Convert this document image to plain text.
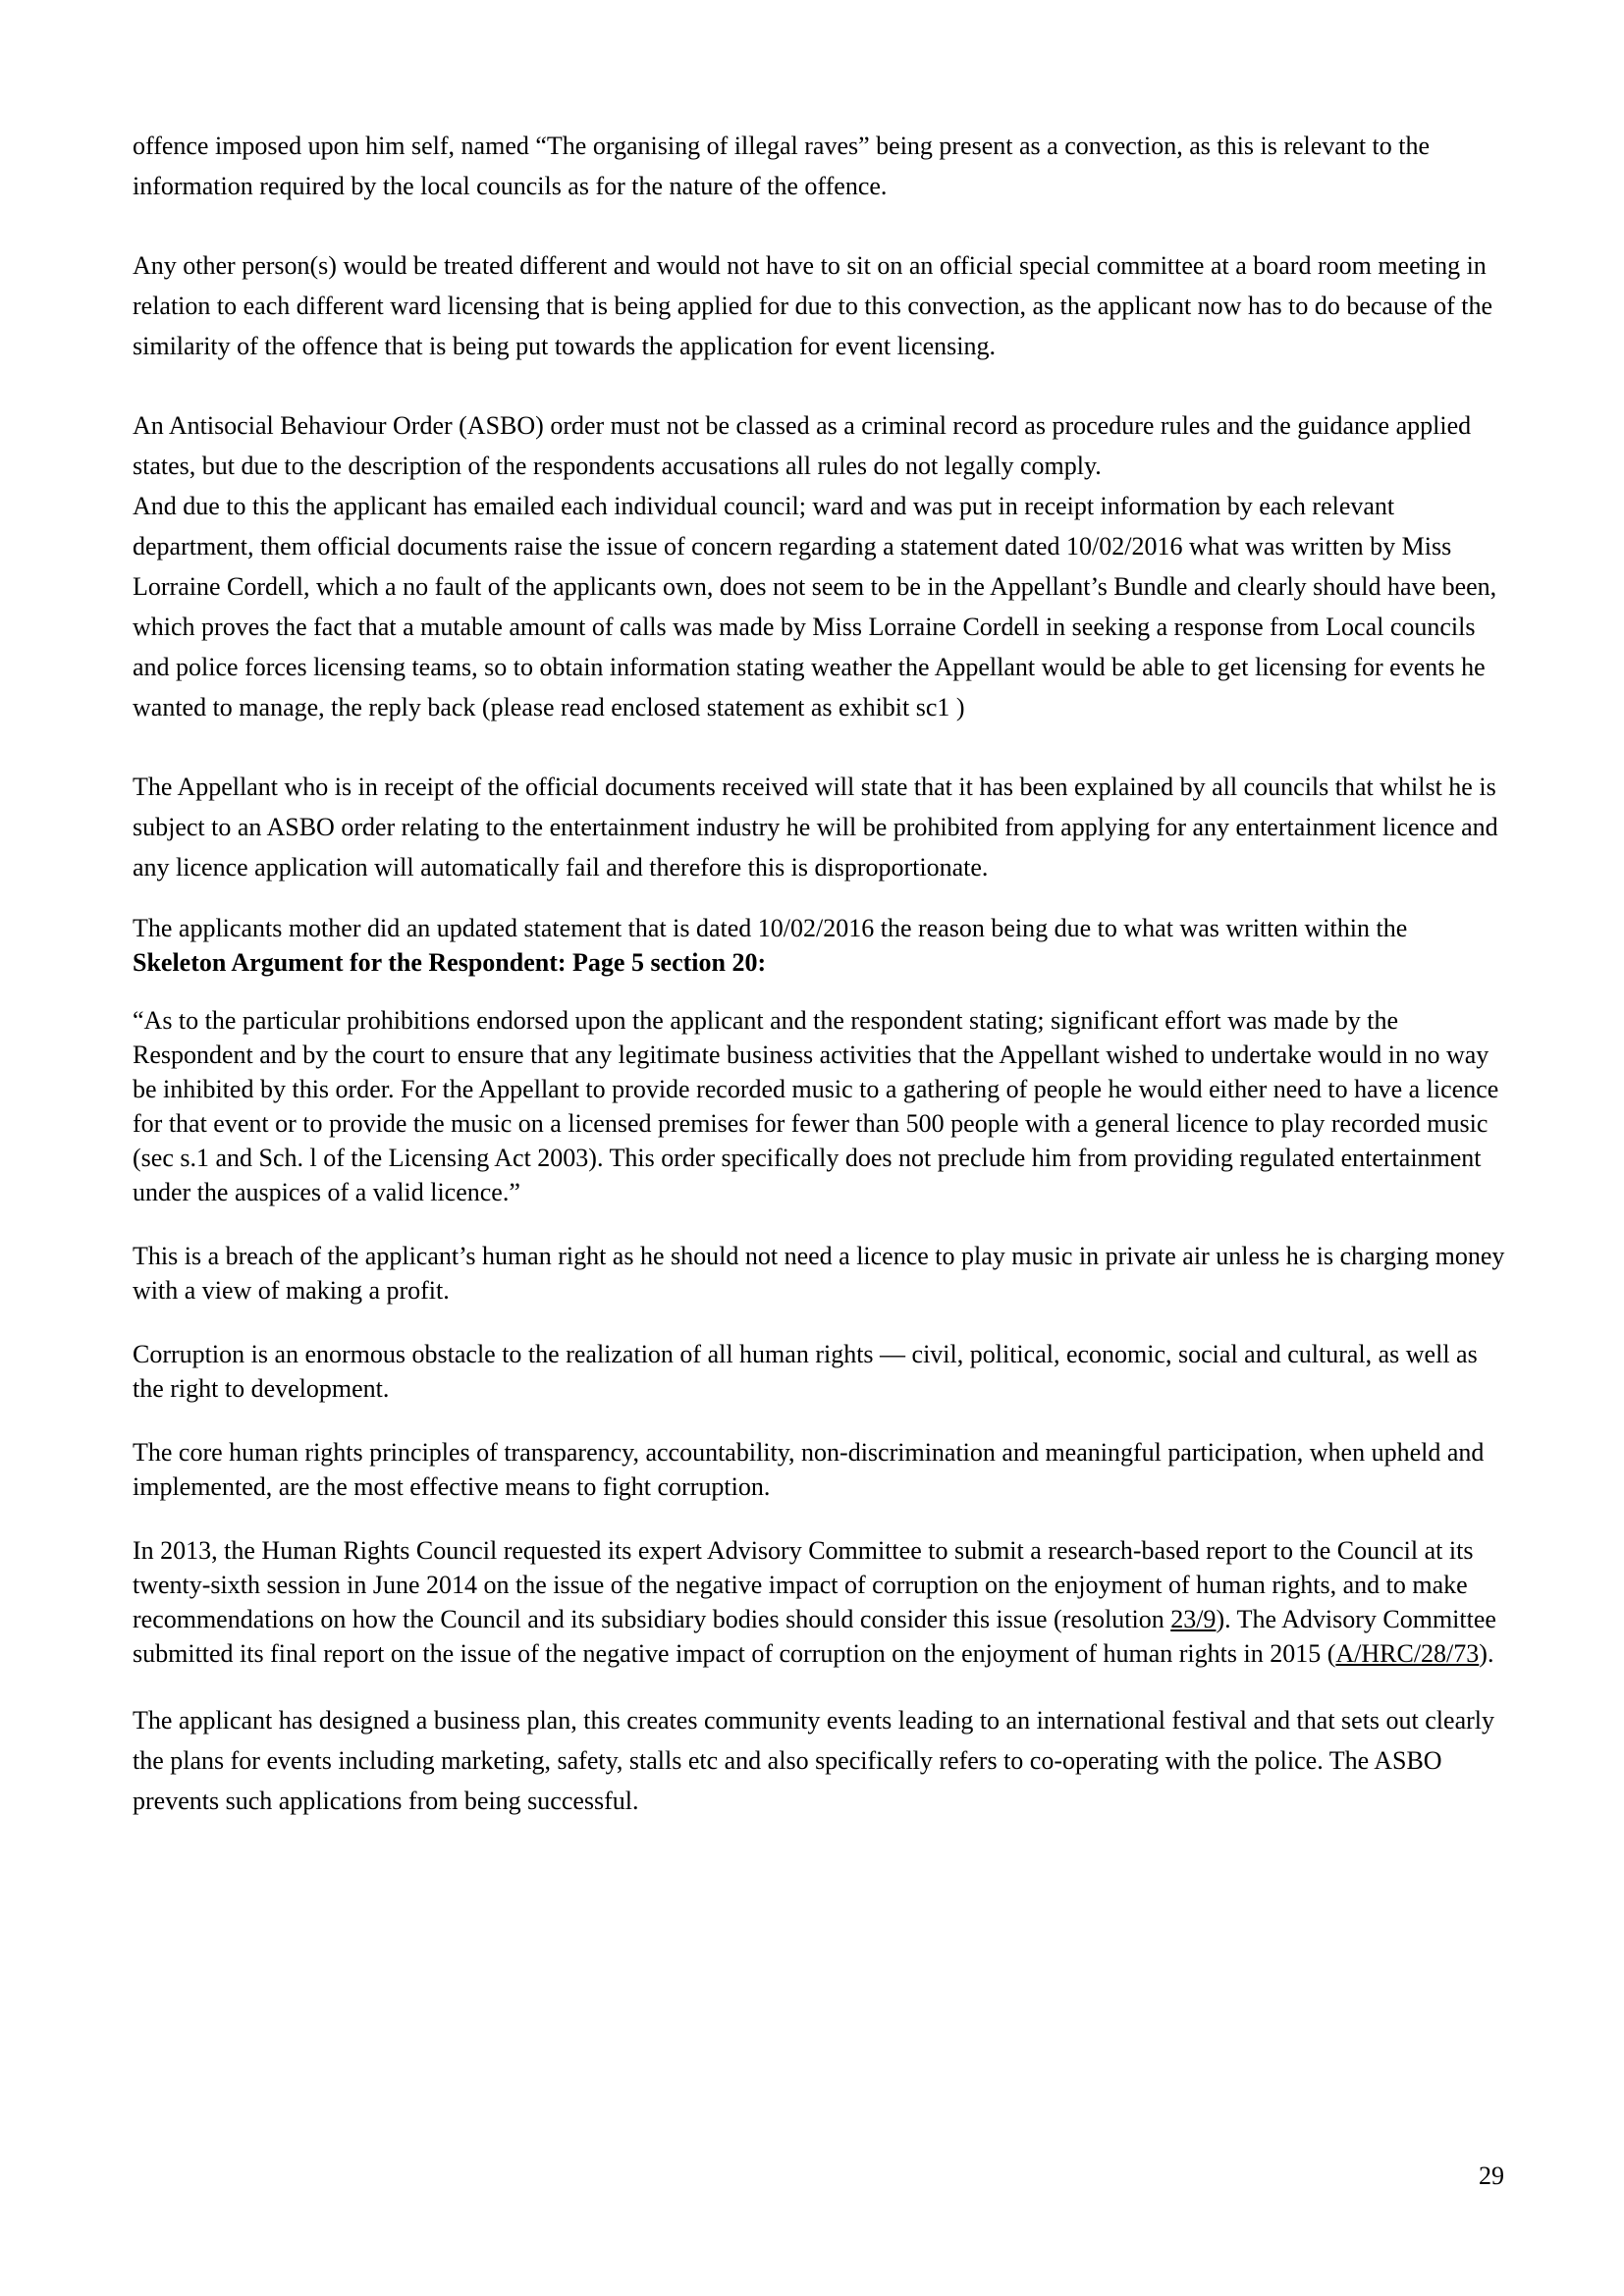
offence imposed upon him self, named “The organising of illegal raves” being present as a convection, as this is relevant to the information required by the local councils as for the nature of the offence.

Any other person(s) would be treated different and would not have to sit on an official special committee at a board room meeting in relation to each different ward licensing that is being applied for due to this convection, as the applicant now has to do because of the similarity of the offence that is being put towards the application for event licensing.

An Antisocial Behaviour Order (ASBO) order must not be classed as a criminal record as procedure rules and the guidance applied states, but due to the description of the respondents accusations all rules do not legally comply.

And due to this the applicant has emailed each individual council; ward and was put in receipt information by each relevant department, them official documents raise the issue of concern regarding a statement dated 10/02/2016 what was written by Miss Lorraine Cordell, which a no fault of the applicants own, does not seem to be in the Appellant’s Bundle and clearly should have been, which proves the fact that a mutable amount of calls was made by Miss Lorraine Cordell in seeking a response from Local councils and police forces licensing teams, so to obtain information stating weather the Appellant would be able to get licensing for events he wanted to manage, the reply back (please read enclosed statement as exhibit sc1 )

The Appellant who is in receipt of the official documents received will state that it has been explained by all councils that whilst he is subject to an ASBO order relating to the entertainment industry he will be prohibited from applying for any entertainment licence and any licence application will automatically fail and therefore this is disproportionate.

The applicants mother did an updated statement that is dated 10/02/2016 the reason being due to what was written within the Skeleton Argument for the Respondent: Page 5 section 20:

“As to the particular prohibitions endorsed upon the applicant and the respondent stating; significant effort was made by the Respondent and by the court to ensure that any legitimate business activities that the Appellant wished to undertake would in no way be inhibited by this order. For the Appellant to provide recorded music to a gathering of people he would either need to have a licence for that event or to provide the music on a licensed premises for fewer than 500 people with a general licence to play recorded music (sec s.1 and Sch. l of the Licensing Act 2003). This order specifically does not preclude him from providing regulated entertainment under the auspices of a valid licence.”

This is a breach of the applicant’s human right as he should not need a licence to play music in private air unless he is charging money with a view of making a profit.

Corruption is an enormous obstacle to the realization of all human rights — civil, political, economic, social and cultural, as well as the right to development.

The core human rights principles of transparency, accountability, non-discrimination and meaningful participation, when upheld and implemented, are the most effective means to fight corruption.

In 2013, the Human Rights Council requested its expert Advisory Committee to submit a research-based report to the Council at its twenty-sixth session in June 2014 on the issue of the negative impact of corruption on the enjoyment of human rights, and to make recommendations on how the Council and its subsidiary bodies should consider this issue (resolution 23/9). The Advisory Committee submitted its final report on the issue of the negative impact of corruption on the enjoyment of human rights in 2015 (A/HRC/28/73).

The applicant has designed a business plan, this creates community events leading to an international festival and that sets out clearly the plans for events including marketing, safety, stalls etc and also specifically refers to co-operating with the police. The ASBO prevents such applications from being successful.

29
